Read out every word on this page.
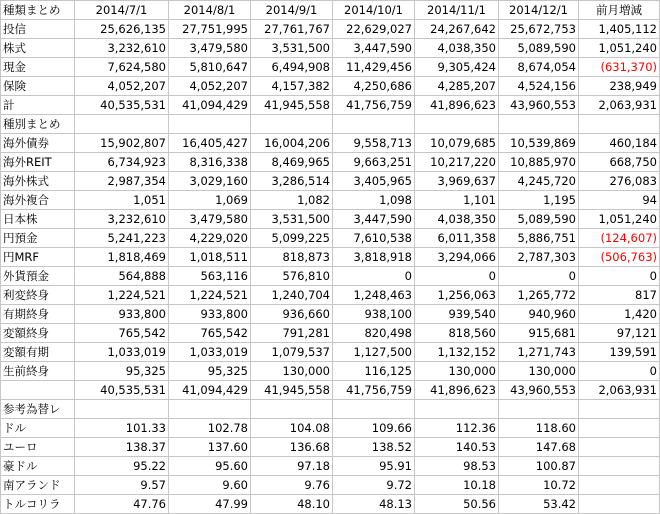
種類まとめ	2014/7/1	2014/8/1	2014/9/1	2014/10/1	2014/11/1	2014/12/1	前月増減
投信	25,626,135	27,751,995	27,761,767	22,629,027	24,267,642	25,672,753	1,405,112
株式	3,232,610	3,479,580	3,531,500	3,447,590	4,038,350	5,089,590	1,051,240
現金	7,624,580	5,810,647	6,494,908	11,429,456	9,305,424	8,674,054	(631,370)
保険	4,052,207	4,052,207	4,157,382	4,250,686	4,285,207	4,524,156	238,949
計	40,535,531	41,094,429	41,945,558	41,756,759	41,896,623	43,960,553	2,063,931
種別まとめ							
海外債券	15,902,807	16,405,427	16,004,206	9,558,713	10,079,685	10,539,869	460,184
海外REIT	6,734,923	8,316,338	8,469,965	9,663,251	10,217,220	10,885,970	668,750
海外株式	2,987,354	3,029,160	3,286,514	3,405,965	3,969,637	4,245,720	276,083
海外複合	1,051	1,069	1,082	1,098	1,101	1,195	94
日本株	3,232,610	3,479,580	3,531,500	3,447,590	4,038,350	5,089,590	1,051,240
円預金	5,241,223	4,229,020	5,099,225	7,610,538	6,011,358	5,886,751	(124,607)
円MRF	1,818,469	1,018,511	818,873	3,818,918	3,294,066	2,787,303	(506,763)
外貨預金	564,888	563,116	576,810	0	0	0	0
利変終身	1,224,521	1,224,521	1,240,704	1,248,463	1,256,063	1,265,772	817
有期終身	933,800	933,800	936,660	938,100	939,540	940,960	1,420
変額終身	765,542	765,542	791,281	820,498	818,560	915,681	97,121
変額有期	1,033,019	1,033,019	1,079,537	1,127,500	1,132,152	1,271,743	139,591
生前終身	95,325	95,325	130,000	116,125	130,000	130,000	0
	40,535,531	41,094,429	41,945,558	41,756,759	41,896,623	43,960,553	2,063,931
参考為替レ							
ドル	101.33	102.78	104.08	109.66	112.36	118.60	
ユーロ	138.37	137.60	136.68	138.52	140.53	147.68	
豪ドル	95.22	95.60	97.18	95.91	98.53	100.87	
南アランド	9.57	9.60	9.76	9.72	10.18	10.72	
トルコリラ	47.76	47.99	48.10	48.13	50.56	53.42	
